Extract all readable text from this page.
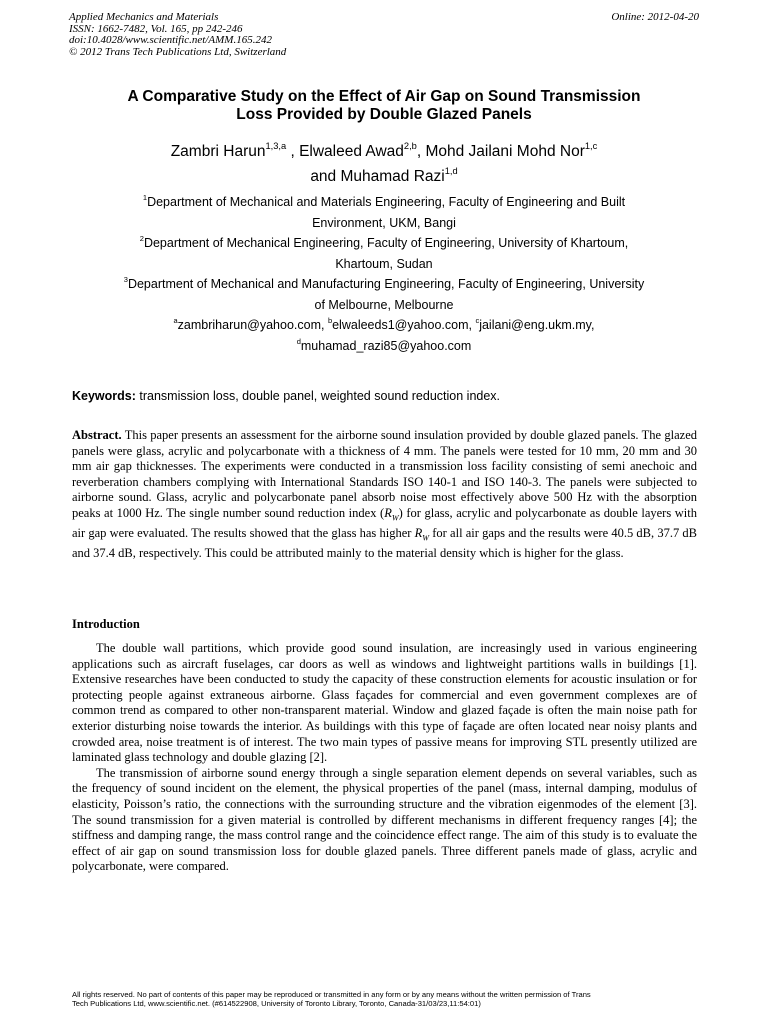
Applied Mechanics and Materials	Online: 2012-04-20
ISSN: 1662-7482, Vol. 165, pp 242-246
doi:10.4028/www.scientific.net/AMM.165.242
© 2012 Trans Tech Publications Ltd, Switzerland
A Comparative Study on the Effect of Air Gap on Sound Transmission
Loss Provided by Double Glazed Panels
Zambri Harun$^{1,3,a}$ , Elwaleed Awad$^{2,b}$, Mohd Jailani Mohd Nor$^{1,c}$
and Muhamad Razi$^{1,d}$

$^1$Department of Mechanical and Materials Engineering, Faculty of Engineering and Built

Environment, UKM, Bangi

$^2$Department of Mechanical Engineering, Faculty of Engineering, University of Khartoum,

Khartoum, Sudan

$^3$Department of Mechanical and Manufacturing Engineering, Faculty of Engineering, University

of Melbourne, Melbourne

$^a$zambriharun@yahoo.com, $^b$elwaleeds1@yahoo.com, $^c$jailani@eng.ukm.my,

$^d$muhamad_razi85@yahoo.com

Keywords: transmission loss, double panel, weighted sound reduction index.

Abstract. This paper presents an assessment for the airborne sound insulation provided by double glazed panels. The glazed panels were glass, acrylic and polycarbonate with a thickness of 4 mm. The panels were tested for 10 mm, 20 mm and 30 mm air gap thicknesses. The experiments were conducted in a transmission loss facility consisting of semi anechoic and reverberation chambers complying with International Standards ISO 140-1 and ISO 140-3. The panels were subjected to airborne sound. Glass, acrylic and polycarbonate panel absorb noise most effectively above 500 Hz with the absorption peaks at 1000 Hz. The single number sound reduction index $(R_W)$ for glass, acrylic and polycarbonate as double layers with air gap were evaluated. The results showed that the glass has higher $R_W$ for all air gaps and the results were 40.5 dB, 37.7 dB and 37.4 dB, respectively. This could be attributed mainly to the material density which is higher for the glass.

Introduction

The double wall partitions, which provide good sound insulation, are increasingly used in various engineering applications such as aircraft fuselages, car doors as well as windows and lightweight partitions walls in buildings [1]. Extensive researches have been conducted to study the capacity of these construction elements for acoustic insulation or for protecting people against extraneous airborne. Glass façades for commercial and even government complexes are of common trend as compared to other non-transparent material. Window and glazed façade is often the main noise path for exterior disturbing noise towards the interior. As buildings with this type of façade are often located near noisy plants and crowded area, noise treatment is of interest. The two main types of passive means for improving STL presently utilized are laminated glass technology and double glazing [2].

The transmission of airborne sound energy through a single separation element depends on several variables, such as the frequency of sound incident on the element, the physical properties of the panel (mass, internal damping, modulus of elasticity, Poisson’s ratio, the connections with the surrounding structure and the vibration eigenmodes of the element [3]. The sound transmission for a given material is controlled by different mechanisms in different frequency ranges [4]; the stiffness and damping range, the mass control range and the coincidence effect range. The aim of this study is to evaluate the effect of air gap on sound transmission loss for double glazed panels. Three different panels made of glass, acrylic and polycarbonate, were compared.

All rights reserved. No part of contents of this paper may be reproduced or transmitted in any form or by any means without the written permission of Trans
Tech Publications Ltd, www.scientific.net. (#614522908, University of Toronto Library, Toronto, Canada-31/03/23,11:54:01)
